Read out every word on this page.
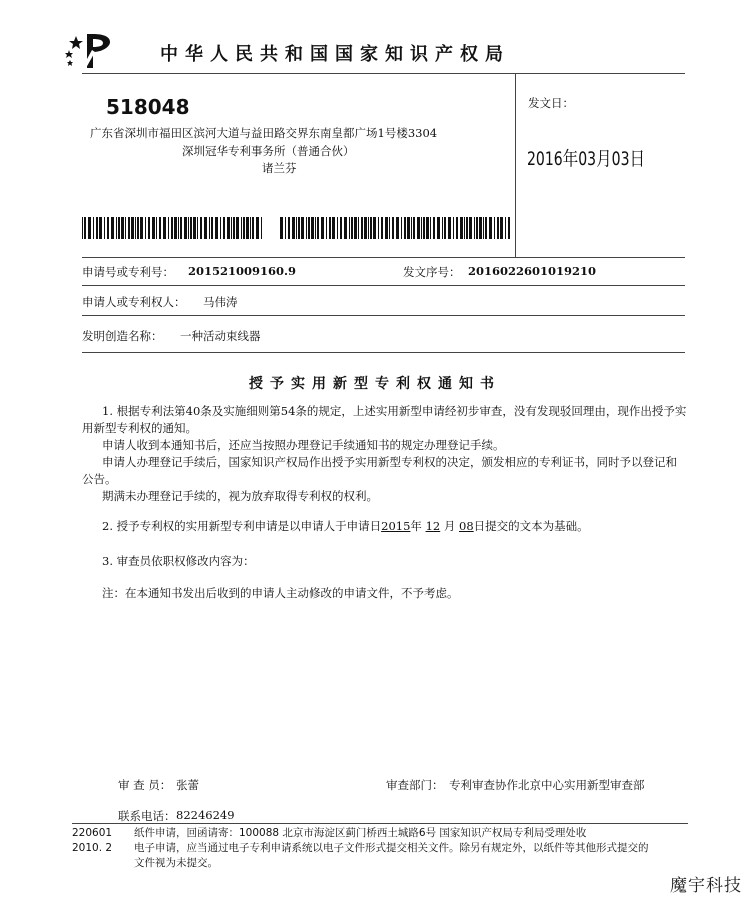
中华人民共和国国家知识产权局
518048
广东省深圳市福田区滨河大道与益田路交界东南皇都广场1号楼3304
深圳冠华专利事务所（普通合伙）
诸兰芬
发文日：
2016年03月03日
申请号或专利号： 201521009160.9	发文序号： 2016022601019210
申请人或专利权人： 马伟涛
发明创造名称： 一种活动束线器
授予实用新型专利权通知书
1. 根据专利法第40条及实施细则第54条的规定，上述实用新型申请经初步审查，没有发现驳回理由，现作出授予实用新型专利权的通知。
申请人收到本通知书后，还应当按照办理登记手续通知书的规定办理登记手续。
申请人办理登记手续后，国家知识产权局作出授予实用新型专利权的决定，颁发相应的专利证书，同时予以登记和公告。
期满未办理登记手续的，视为放弃取得专利权的权利。
2. 授予专利权的实用新型专利申请是以申请人于申请日2015年 12 月 08日提交的文本为基础。
3. 审查员依职权修改内容为：
注：在本通知书发出后收到的申请人主动修改的申请文件，不予考虑。
审 查 员： 张蕾	审查部门： 专利审查协作北京中心实用新型审查部
联系电话： 82246249
220601
2010. 2
纸件申请，回函请寄：100088 北京市海淀区蓟门桥西土城路6号 国家知识产权局专利局受理处收
电子申请，应当通过电子专利申请系统以电子文件形式提交相关文件。除另有规定外，以纸件等其他形式提交的
文件视为未提交。
魔宇科技
